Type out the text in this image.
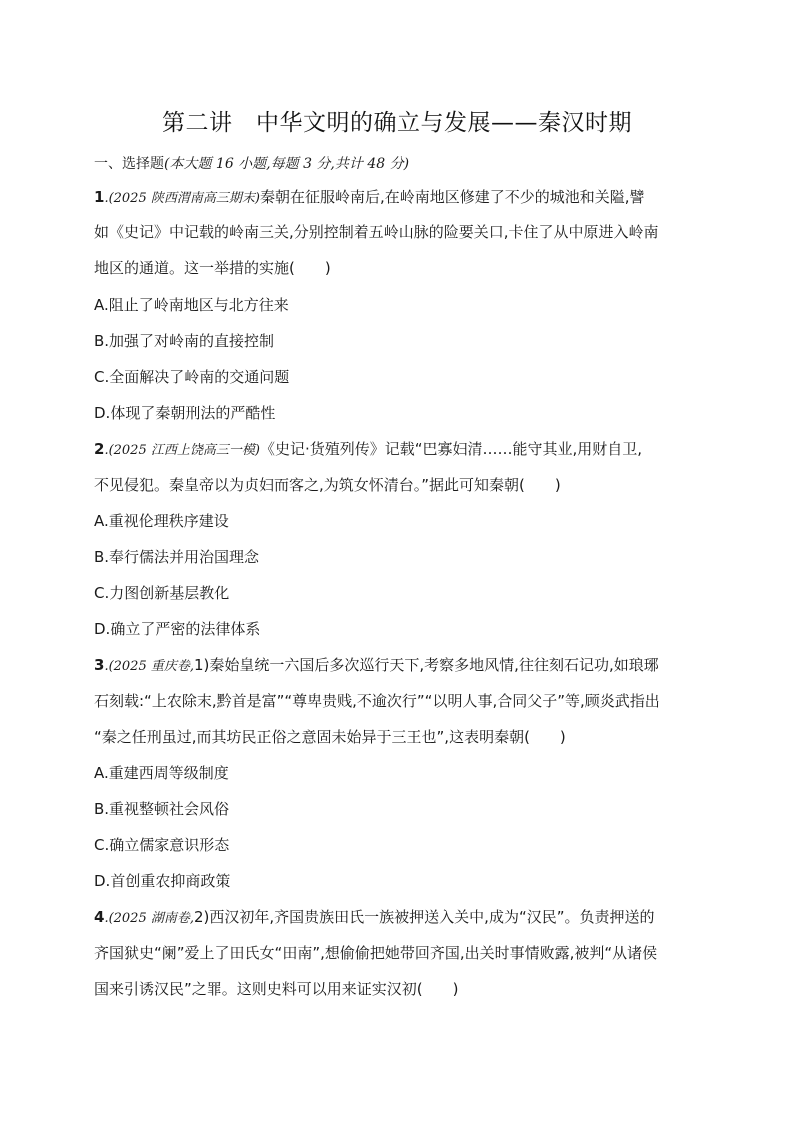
第二讲　中华文明的确立与发展——秦汉时期
一、选择题(本大题 16 小题,每题 3 分,共计 48 分)
1.(2025 陕西渭南高三期末)秦朝在征服岭南后,在岭南地区修建了不少的城池和关隘,譬
如《史记》中记载的岭南三关,分别控制着五岭山脉的险要关口,卡住了从中原进入岭南
地区的通道。这一举措的实施(　　)
A.阻止了岭南地区与北方往来
B.加强了对岭南的直接控制
C.全面解决了岭南的交通问题
D.体现了秦朝刑法的严酷性
2.(2025 江西上饶高三一模)《史记·货殖列传》记载“巴寡妇清……能守其业,用财自卫,
不见侵犯。秦皇帝以为贞妇而客之,为筑女怀清台。”据此可知秦朝(　　)
A.重视伦理秩序建设
B.奉行儒法并用治国理念
C.力图创新基层教化
D.确立了严密的法律体系
3.(2025 重庆卷,1)秦始皇统一六国后多次巡行天下,考察多地风情,往往刻石记功,如琅琊
石刻载:“上农除末,黔首是富”“尊卑贵贱,不逾次行”“以明人事,合同父子”等,顾炎武指出
“秦之任刑虽过,而其坊民正俗之意固未始异于三王也”,这表明秦朝(　　)
A.重建西周等级制度
B.重视整顿社会风俗
C.确立儒家意识形态
D.首创重农抑商政策
4.(2025 湖南卷,2)西汉初年,齐国贵族田氏一族被押送入关中,成为“汉民”。负责押送的
齐国狱史“阑”爱上了田氏女“田南”,想偷偷把她带回齐国,出关时事情败露,被判“从诸侯
国来引诱汉民”之罪。这则史料可以用来证实汉初(　　)
